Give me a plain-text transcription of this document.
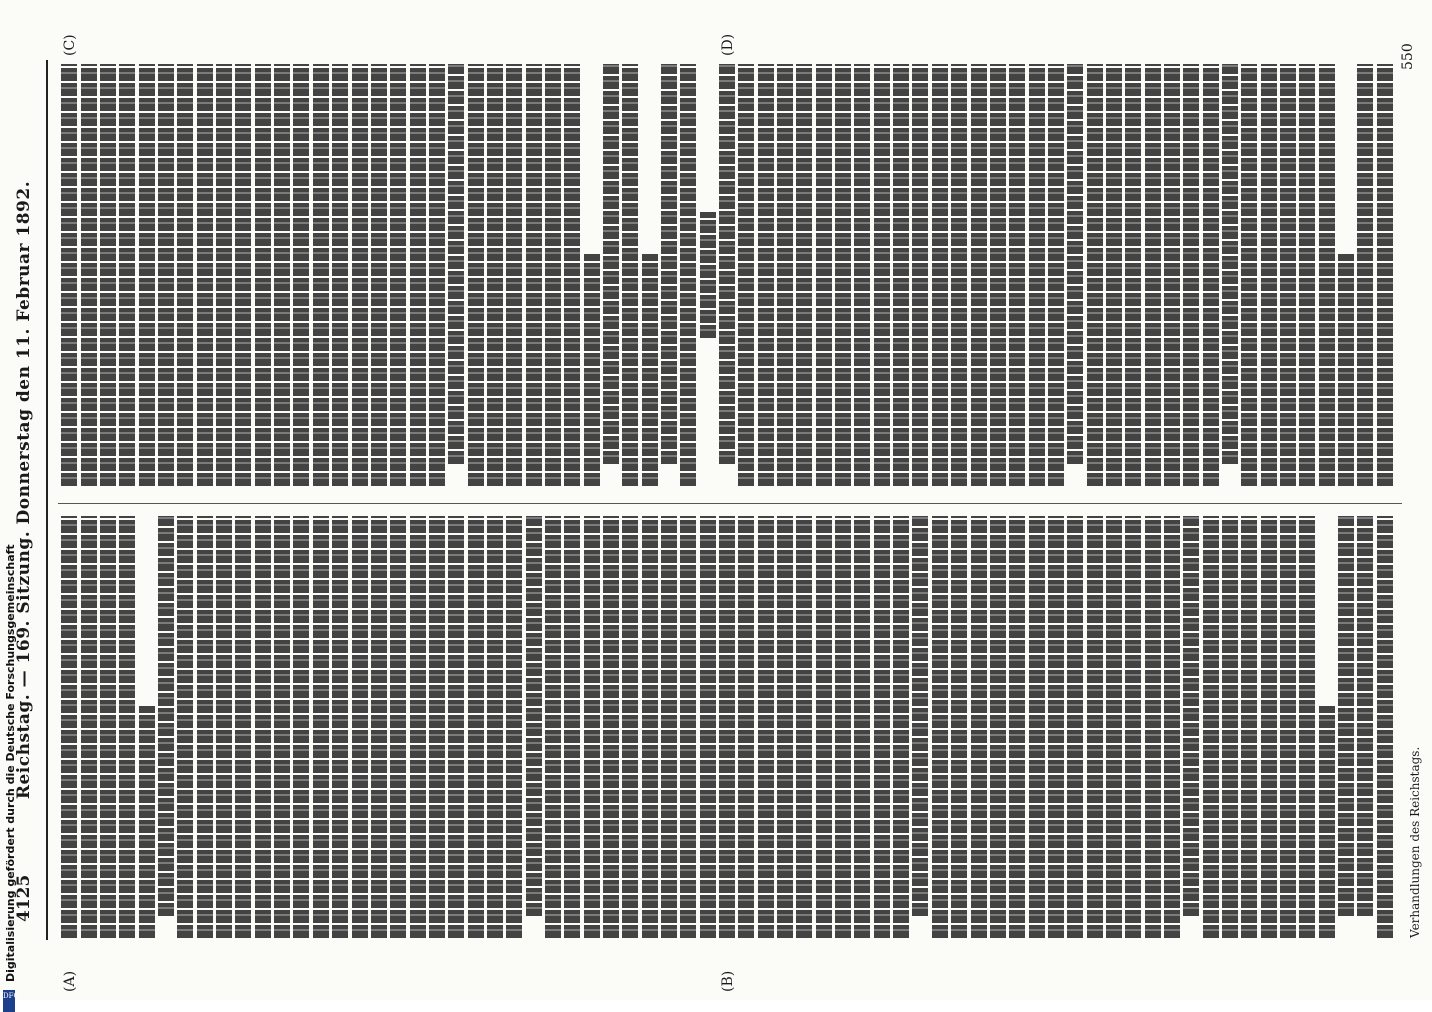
4125
Reichstag. — 169. Sitzung. Donnerstag den 11. Februar 1892.
(A)	(B)
(C)	(D)	550
Verhandlungen des Reichstags.
Digitalisierung gefördert durch die Deutsche Forschungsgemeinschaft
DFG
